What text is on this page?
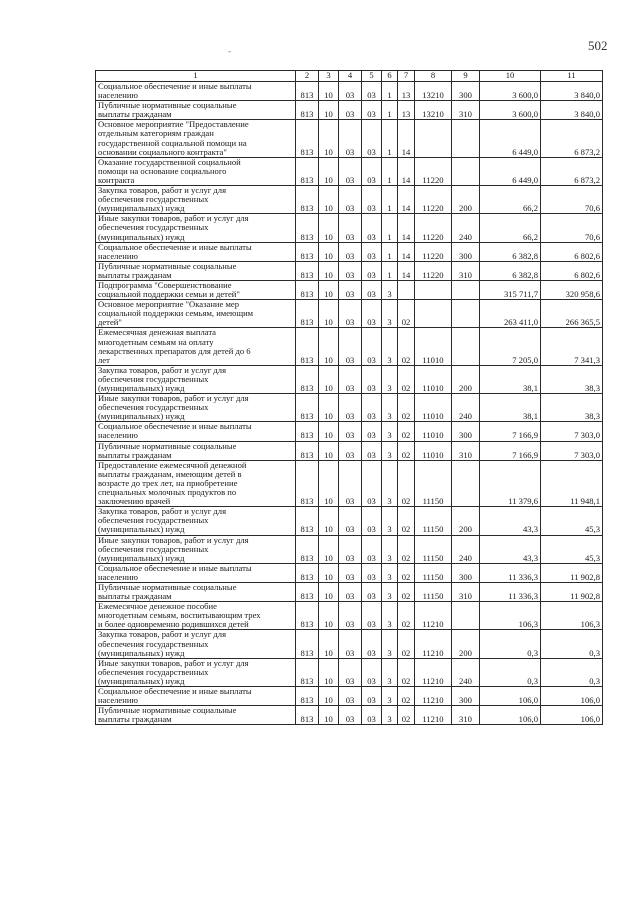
-	502
1	2	3	4	5	6	7	8	9	10	11

Социальное обеспечение и иные выплаты
населению	813	10	03	03	1	13	13210	300	3 600,0	3 840,0

Публичные нормативные социальные
выплаты гражданам	813	10	03	03	1	13	13210	310	3 600,0	3 840,0

Основное мероприятие "Предоставление
отдельным категориям граждан
государственной социальной помощи на
основании социального контракта"	813	10	03	03	1	14			6 449,0	6 873,2

Оказание государственной социальной
помощи на основание социального
контракта	813	10	03	03	1	14	11220		6 449,0	6 873,2

Закупка товаров, работ и услуг для
обеспечения государственных
(муниципальных) нужд	813	10	03	03	1	14	11220	200	66,2	70,6

Иные закупки товаров, работ и услуг для
обеспечения государственных
(муниципальных) нужд	813	10	03	03	1	14	11220	240	66,2	70,6

Социальное обеспечение и иные выплаты
населению	813	10	03	03	1	14	11220	300	6 382,8	6 802,6

Публичные нормативные социальные
выплаты гражданам	813	10	03	03	1	14	11220	310	6 382,8	6 802,6

Подпрограмма "Совершенствование
социальной поддержки семьи и детей"	813	10	03	03	3				315 711,7	320 958,6

Основное мероприятие "Оказание мер
социальной поддержки семьям, имеющим
детей"	813	10	03	03	3	02			263 411,0	266 365,5

Ежемесячная денежная выплата
многодетным семьям на оплату
лекарственных препаратов для детей до 6
лет	813	10	03	03	3	02	11010		7 205,0	7 341,3

Закупка товаров, работ и услуг для
обеспечения государственных
(муниципальных) нужд	813	10	03	03	3	02	11010	200	38,1	38,3

Иные закупки товаров, работ и услуг для
обеспечения государственных
(муниципальных) нужд	813	10	03	03	3	02	11010	240	38,1	38,3

Социальное обеспечение и иные выплаты
населению	813	10	03	03	3	02	11010	300	7 166,9	7 303,0

Публичные нормативные социальные
выплаты гражданам	813	10	03	03	3	02	11010	310	7 166,9	7 303,0

Предоставление ежемесячной денежной
выплаты гражданам, имеющим детей в
возрасте до трех лет, на приобретение
специальных молочных продуктов по
заключению врачей	813	10	03	03	3	02	11150		11 379,6	11 948,1

Закупка товаров, работ и услуг для
обеспечения государственных
(муниципальных) нужд	813	10	03	03	3	02	11150	200	43,3	45,3

Иные закупки товаров, работ и услуг для
обеспечения государственных
(муниципальных) нужд	813	10	03	03	3	02	11150	240	43,3	45,3

Социальное обеспечение и иные выплаты
населению	813	10	03	03	3	02	11150	300	11 336,3	11 902,8

Публичные нормативные социальные
выплаты гражданам	813	10	03	03	3	02	11150	310	11 336,3	11 902,8

Ежемесячное денежное пособие
многодетным семьям, воспитывающим трех
и более одновременно родившихся детей	813	10	03	03	3	02	11210		106,3	106,3

Закупка товаров, работ и услуг для
обеспечения государственных
(муниципальных) нужд	813	10	03	03	3	02	11210	200	0,3	0,3

Иные закупки товаров, работ и услуг для
обеспечения государственных
(муниципальных) нужд	813	10	03	03	3	02	11210	240	0,3	0,3

Социальное обеспечение и иные выплаты
населению	813	10	03	03	3	02	11210	300	106,0	106,0

Публичные нормативные социальные
выплаты гражданам	813	10	03	03	3	02	11210	310	106,0	106,0
